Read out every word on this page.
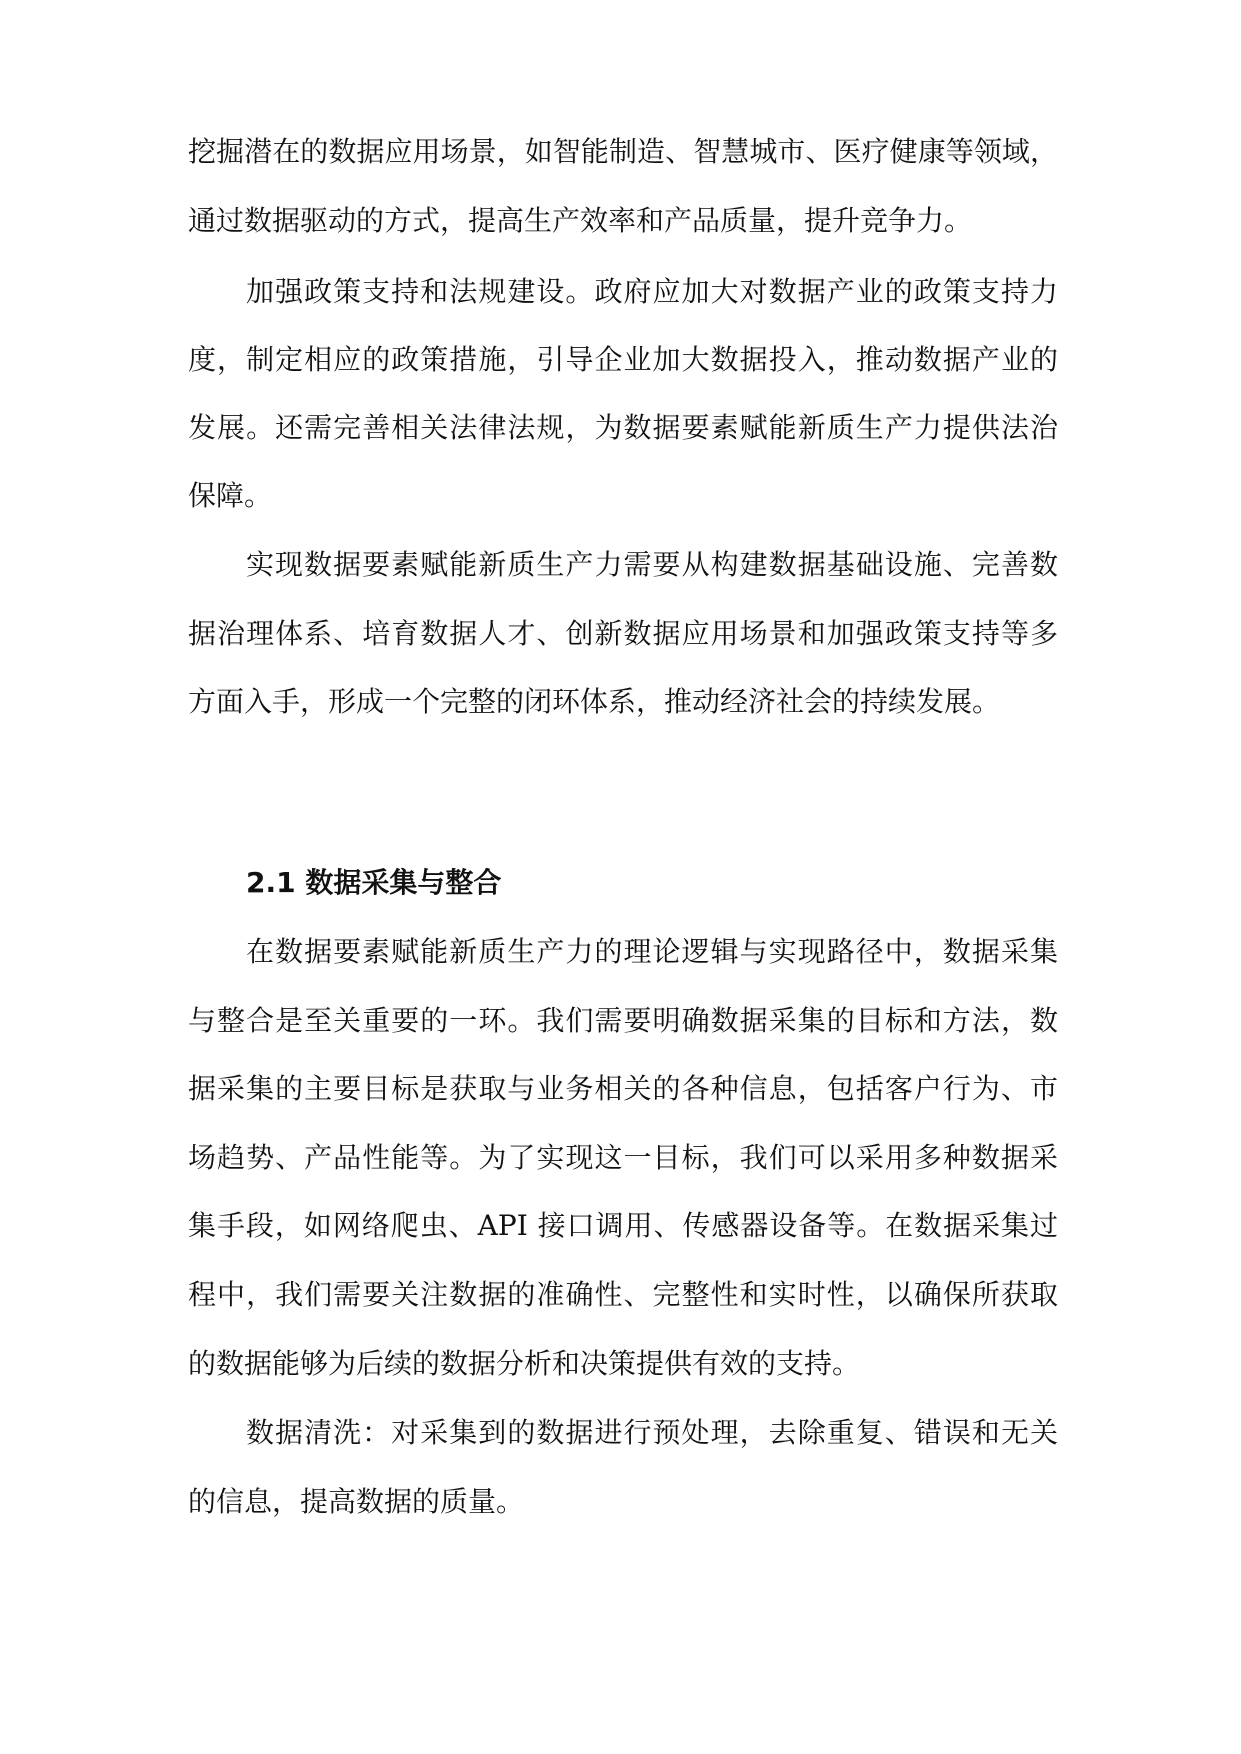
挖掘潜在的数据应用场景，如智能制造、智慧城市、医疗健康等领域，
通过数据驱动的方式，提高生产效率和产品质量，提升竞争力。
加强政策支持和法规建设。政府应加大对数据产业的政策支持力
度，制定相应的政策措施，引导企业加大数据投入，推动数据产业的
发展。还需完善相关法律法规，为数据要素赋能新质生产力提供法治
保障。
实现数据要素赋能新质生产力需要从构建数据基础设施、完善数
据治理体系、培育数据人才、创新数据应用场景和加强政策支持等多
方面入手，形成一个完整的闭环体系，推动经济社会的持续发展。
2.1 数据采集与整合
在数据要素赋能新质生产力的理论逻辑与实现路径中，数据采集
与整合是至关重要的一环。我们需要明确数据采集的目标和方法，数
据采集的主要目标是获取与业务相关的各种信息，包括客户行为、市
场趋势、产品性能等。为了实现这一目标，我们可以采用多种数据采
集手段，如网络爬虫、API 接口调用、传感器设备等。在数据采集过
程中，我们需要关注数据的准确性、完整性和实时性，以确保所获取
的数据能够为后续的数据分析和决策提供有效的支持。
数据清洗：对采集到的数据进行预处理，去除重复、错误和无关
的信息，提高数据的质量。
